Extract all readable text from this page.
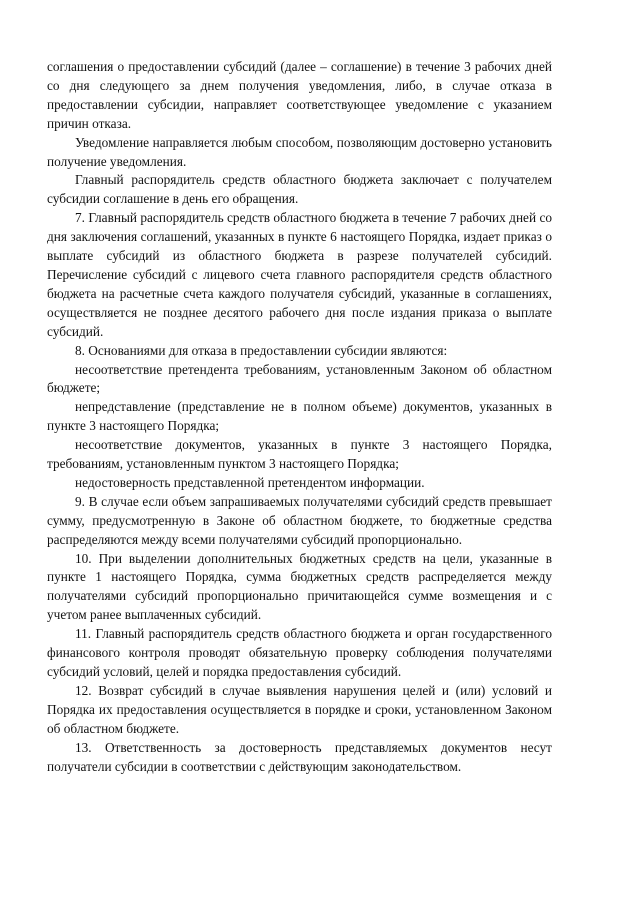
соглашения о предоставлении субсидий (далее – соглашение) в течение 3 рабочих дней со дня следующего за днем получения уведомления, либо, в случае отказа в предоставлении субсидии, направляет соответствующее уведомление с указанием причин отказа.

Уведомление направляется любым способом, позволяющим достоверно установить получение уведомления.

Главный распорядитель средств областного бюджета заключает с получателем субсидии соглашение в день его обращения.

7. Главный распорядитель средств областного бюджета в течение 7 рабочих дней со дня заключения соглашений, указанных в пункте 6 настоящего Порядка, издает приказ о выплате субсидий из областного бюджета в разрезе получателей субсидий. Перечисление субсидий с лицевого счета главного распорядителя средств областного бюджета на расчетные счета каждого получателя субсидий, указанные в соглашениях, осуществляется не позднее десятого рабочего дня после издания приказа о выплате субсидий.

8. Основаниями для отказа в предоставлении субсидии являются:

несоответствие претендента требованиям, установленным Законом об областном бюджете;

непредставление (представление не в полном объеме) документов, указанных в пункте 3 настоящего Порядка;

несоответствие документов, указанных в пункте 3 настоящего Порядка, требованиям, установленным пунктом 3 настоящего Порядка;

недостоверность представленной претендентом информации.

9. В случае если объем запрашиваемых получателями субсидий средств превышает сумму, предусмотренную в Законе об областном бюджете, то бюджетные средства распределяются между всеми получателями субсидий пропорционально.

10. При выделении дополнительных бюджетных средств на цели, указанные в пункте 1 настоящего Порядка, сумма бюджетных средств распределяется между получателями субсидий пропорционально причитающейся сумме возмещения и с учетом ранее выплаченных субсидий.

11. Главный распорядитель средств областного бюджета и орган государственного финансового контроля проводят обязательную проверку соблюдения получателями субсидий условий, целей и порядка предоставления субсидий.

12. Возврат субсидий в случае выявления нарушения целей и (или) условий и Порядка их предоставления осуществляется в порядке и сроки, установленном Законом об областном бюджете.

13. Ответственность за достоверность представляемых документов несут получатели субсидии в соответствии с действующим законодательством.
